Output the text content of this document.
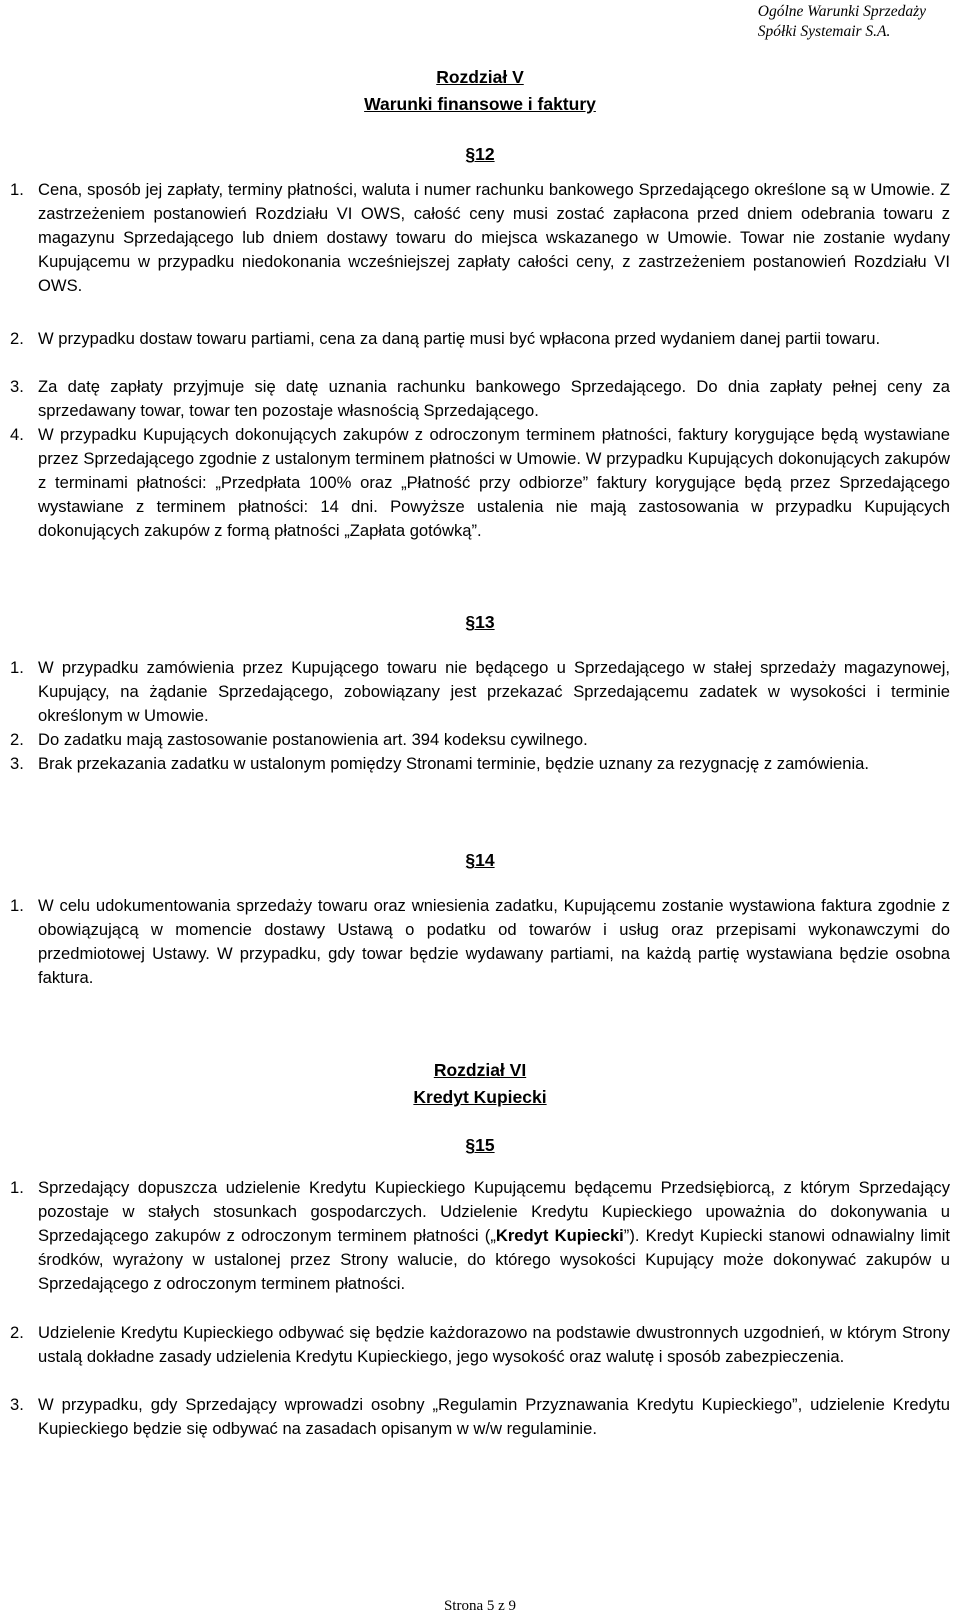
Ogólne Warunki Sprzedaży
Spółki Systemair S.A.
Rozdział V
Warunki finansowe i faktury
§12
1. Cena, sposób jej zapłaty, terminy płatności, waluta i numer rachunku bankowego Sprzedającego określone są w Umowie. Z zastrzeżeniem postanowień Rozdziału VI OWS, całość ceny musi zostać zapłacona przed dniem odebrania towaru z magazynu Sprzedającego lub dniem dostawy towaru do miejsca wskazanego w Umowie. Towar nie zostanie wydany Kupującemu w przypadku niedokonania wcześniejszej zapłaty całości ceny, z zastrzeżeniem postanowień Rozdziału VI OWS.
2. W przypadku dostaw towaru partiami, cena za daną partię musi być wpłacona przed wydaniem danej partii towaru.
3. Za datę zapłaty przyjmuje się datę uznania rachunku bankowego Sprzedającego. Do dnia zapłaty pełnej ceny za sprzedawany towar, towar ten pozostaje własnością Sprzedającego.
4. W przypadku Kupujących dokonujących zakupów z odroczonym terminem płatności, faktury korygujące będą wystawiane przez Sprzedającego zgodnie z ustalonym terminem płatności w Umowie. W przypadku Kupujących dokonujących zakupów z terminami płatności: „Przedpłata 100% oraz „Płatność przy odbiorze” faktury korygujące będą przez Sprzedającego wystawiane z terminem płatności: 14 dni. Powyższe ustalenia nie mają zastosowania w przypadku Kupujących dokonujących zakupów z formą płatności „Zapłata gotówką”.
§13
1. W przypadku zamówienia przez Kupującego towaru nie będącego u Sprzedającego w stałej sprzedaży magazynowej, Kupujący, na żądanie Sprzedającego, zobowiązany jest przekazać Sprzedającemu zadatek w wysokości i terminie określonym w Umowie.
2. Do zadatku mają zastosowanie postanowienia art. 394 kodeksu cywilnego.
3. Brak przekazania zadatku w ustalonym pomiędzy Stronami terminie, będzie uznany za rezygnację z zamówienia.
§14
1. W celu udokumentowania sprzedaży towaru oraz wniesienia zadatku, Kupującemu zostanie wystawiona faktura zgodnie z obowiązującą w momencie dostawy Ustawą o podatku od towarów i usług oraz przepisami wykonawczymi do przedmiotowej Ustawy. W przypadku, gdy towar będzie wydawany partiami, na każdą partię wystawiana będzie osobna faktura.
Rozdział VI
Kredyt Kupiecki
§15
1. Sprzedający dopuszcza udzielenie Kredytu Kupieckiego Kupującemu będącemu Przedsiębiorcą, z którym Sprzedający pozostaje w stałych stosunkach gospodarczych. Udzielenie Kredytu Kupieckiego upoważnia do dokonywania u Sprzedającego zakupów z odroczonym terminem płatności („Kredyt Kupiecki”). Kredyt Kupiecki stanowi odnawialny limit środków, wyrażony w ustalonej przez Strony walucie, do którego wysokości Kupujący może dokonywać zakupów u Sprzedającego z odroczonym terminem płatności.
2. Udzielenie Kredytu Kupieckiego odbywać się będzie każdorazowo na podstawie dwustronnych uzgodnień, w którym Strony ustalą dokładne zasady udzielenia Kredytu Kupieckiego, jego wysokość oraz walutę i sposób zabezpieczenia.
3. W przypadku, gdy Sprzedający wprowadzi osobny „Regulamin Przyznawania Kredytu Kupieckiego”, udzielenie Kredytu Kupieckiego będzie się odbywać na zasadach opisanym w w/w regulaminie.
Strona 5 z 9
